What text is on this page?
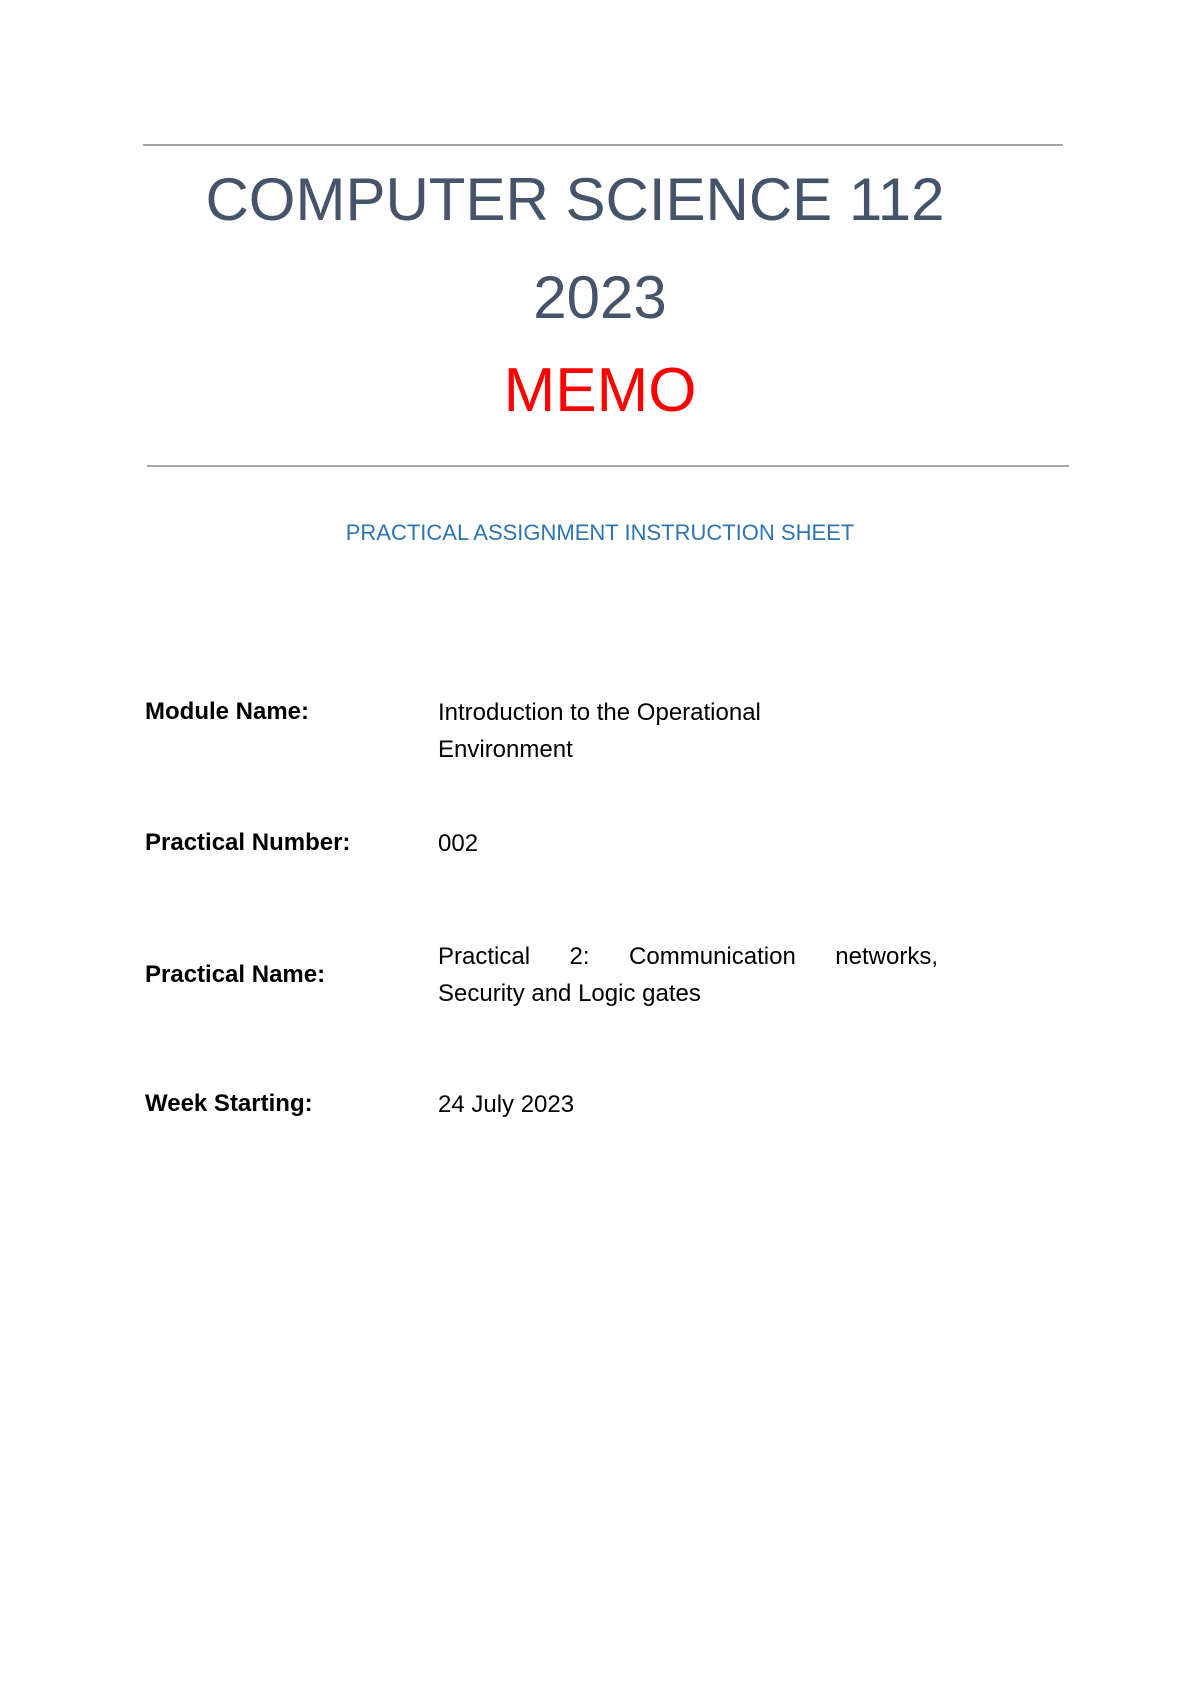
COMPUTER SCIENCE 112
2023
MEMO
PRACTICAL ASSIGNMENT INSTRUCTION SHEET
Module Name:	Introduction to the Operational
Environment
Practical Number:	002
Practical Name:
Practical 2: Communication networks,
Security and Logic gates
Week Starting:	24 July 2023
